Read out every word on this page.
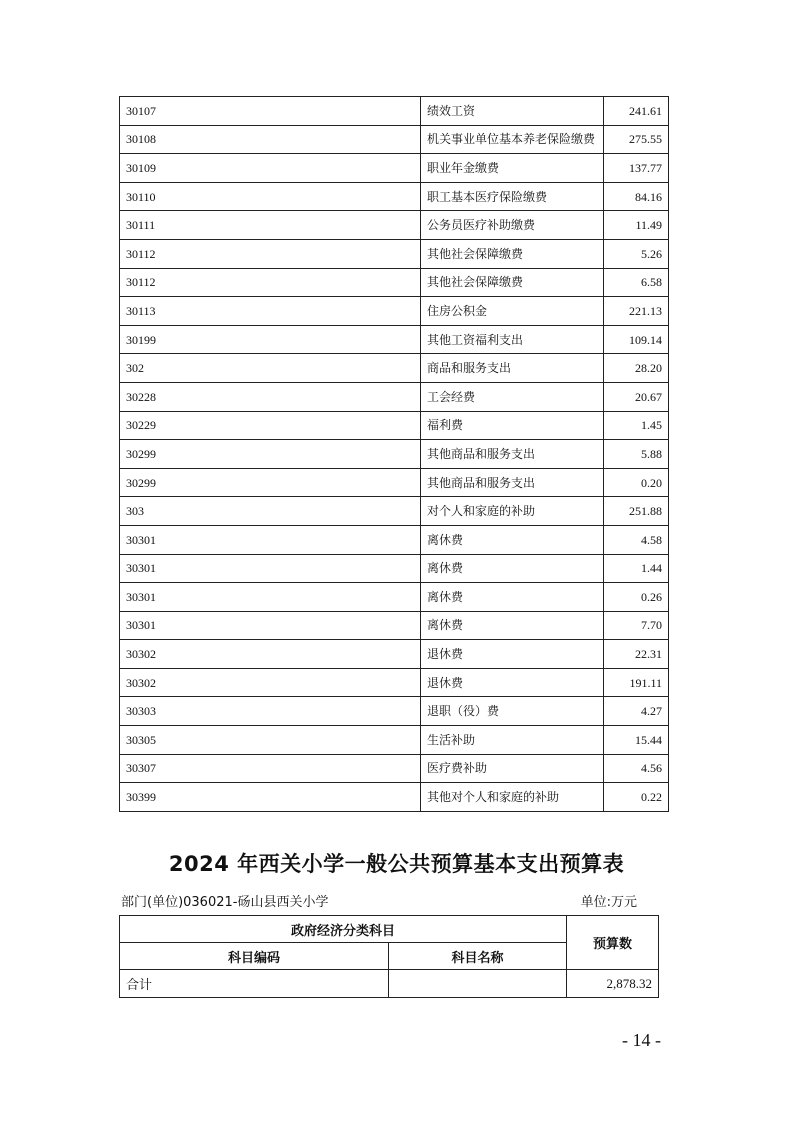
30107	绩效工资	241.61
30108	机关事业单位基本养老保险缴费	275.55
30109	职业年金缴费	137.77
30110	职工基本医疗保险缴费	84.16
30111	公务员医疗补助缴费	11.49
30112	其他社会保障缴费	5.26
30112	其他社会保障缴费	6.58
30113	住房公积金	221.13
30199	其他工资福利支出	109.14
302	商品和服务支出	28.20
30228	工会经费	20.67
30229	福利费	1.45
30299	其他商品和服务支出	5.88
30299	其他商品和服务支出	0.20
303	对个人和家庭的补助	251.88
30301	离休费	4.58
30301	离休费	1.44
30301	离休费	0.26
30301	离休费	7.70
30302	退休费	22.31
30302	退休费	191.11
30303	退职（役）费	4.27
30305	生活补助	15.44
30307	医疗费补助	4.56
30399	其他对个人和家庭的补助	0.22
2024 年西关小学一般公共预算基本支出预算表
部门(单位)036021-砀山县西关小学	单位:万元
政府经济分类科目		预算数
科目编码	科目名称	
合计		2,878.32
- 14 -
